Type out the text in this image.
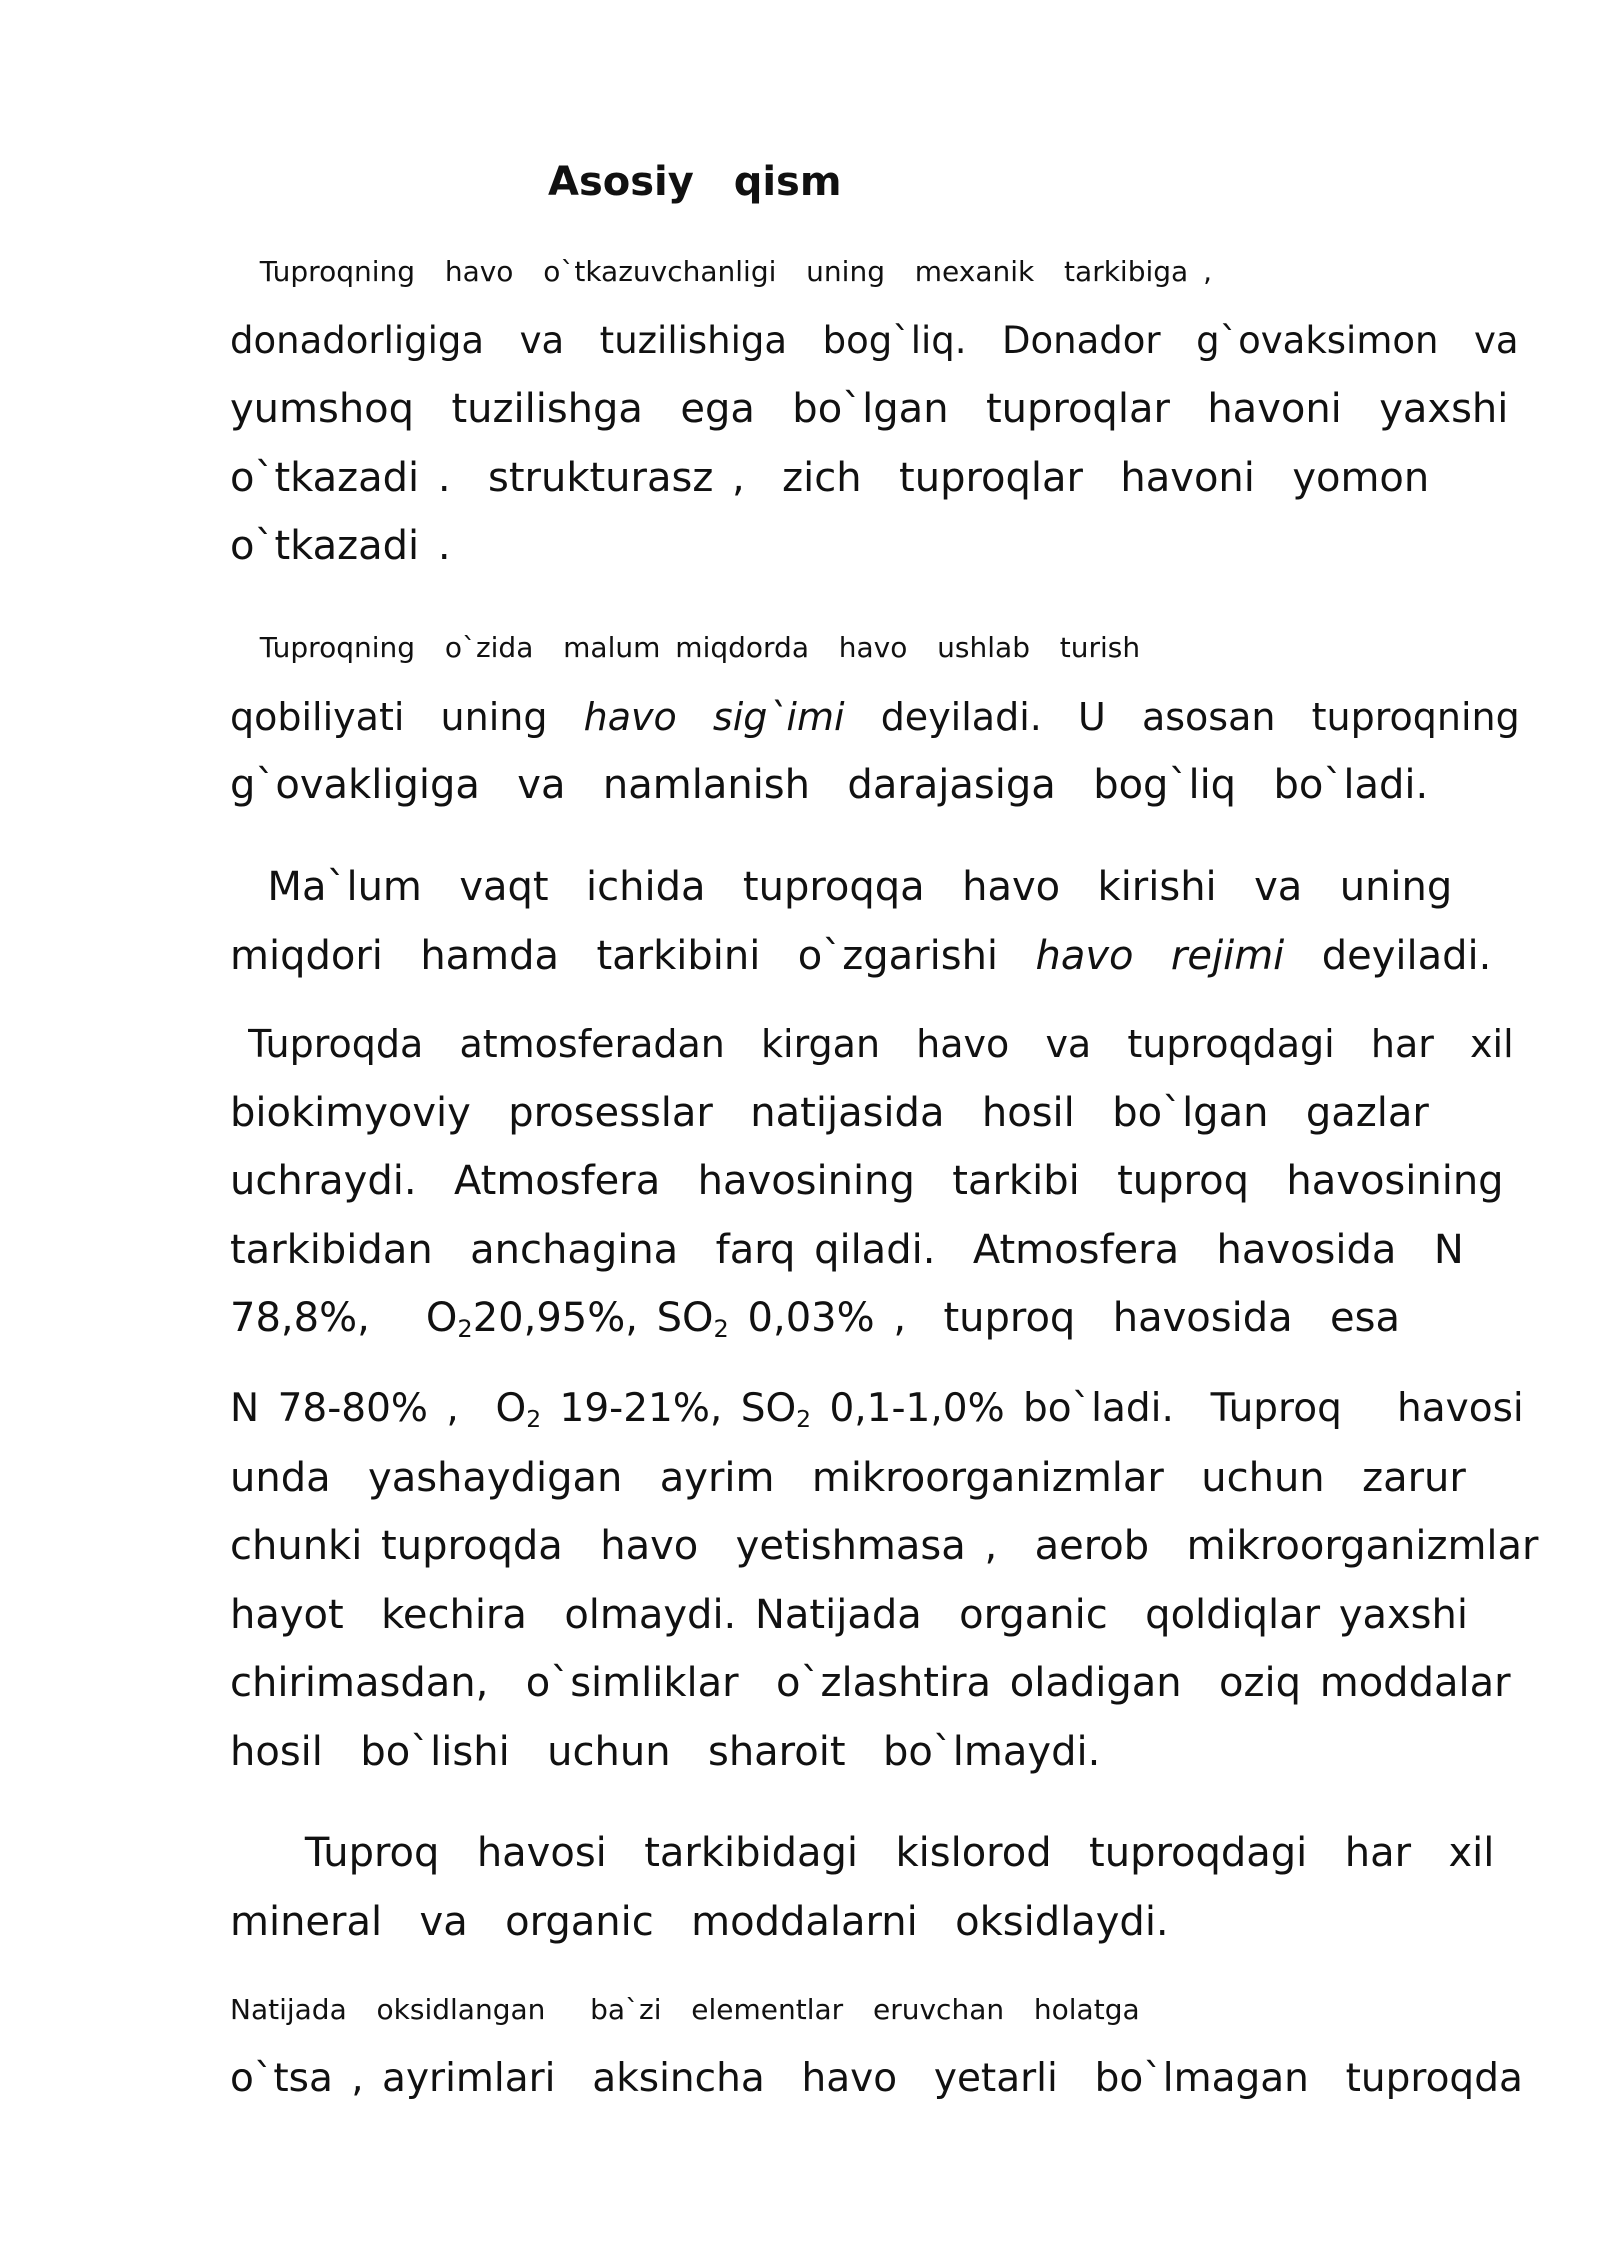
Asosiy  qism
Tuproqning  havo  o`tkazuvchanligi  uning  mexanik  tarkibiga ,
donadorligiga  va  tuzilishiga  bog`liq.  Donador  g`ovaksimon  va
yumshoq  tuzilishga  ega  bo`lgan  tuproqlar  havoni  yaxshi
o`tkazadi .  strukturasz ,  zich  tuproqlar  havoni  yomon
o`tkazadi .
Tuproqning  o`zida  malum miqdorda  havo  ushlab  turish
qobiliyati  uning  havo  sig`imi  deyiladi.  U  asosan  tuproqning
g`ovakligiga  va  namlanish  darajasiga  bog`liq  bo`ladi.
Ma`lum  vaqt  ichida  tuproqqa  havo  kirishi  va  uning
miqdori  hamda  tarkibini  o`zgarishi  havo  rejimi  deyiladi.
Tuproqda  atmosferadan  kirgan  havo  va  tuproqdagi  har  xil
biokimyoviy  prosesslar  natijasida  hosil  bo`lgan  gazlar
uchraydi.  Atmosfera  havosining  tarkibi  tuproq  havosining
tarkibidan  anchagina  farq qiladi.  Atmosfera  havosida  N
78,8%,   $O_220,95\%$, $SO_2$ 0,03% ,  tuproq  havosida  esa
N 78-80% ,  $O_2$ 19-21%, $SO_2$ 0,1-1,0% bo`ladi.  Tuproq   havosi
unda  yashaydigan  ayrim  mikroorganizmlar  uchun  zarur
chunki tuproqda  havo  yetishmasa ,  aerob  mikroorganizmlar
hayot  kechira  olmaydi. Natijada  organic  qoldiqlar yaxshi
chirimasdan,  o`simliklar  o`zlashtira oladigan  oziq moddalar
hosil  bo`lishi  uchun  sharoit  bo`lmaydi.
Tuproq  havosi  tarkibidagi  kislorod  tuproqdagi  har  xil
mineral  va  organic  moddalarni  oksidlaydi.
Natijada  oksidlangan   ba`zi  elementlar  eruvchan  holatga
o`tsa , ayrimlari  aksincha  havo  yetarli  bo`lmagan  tuproqda
